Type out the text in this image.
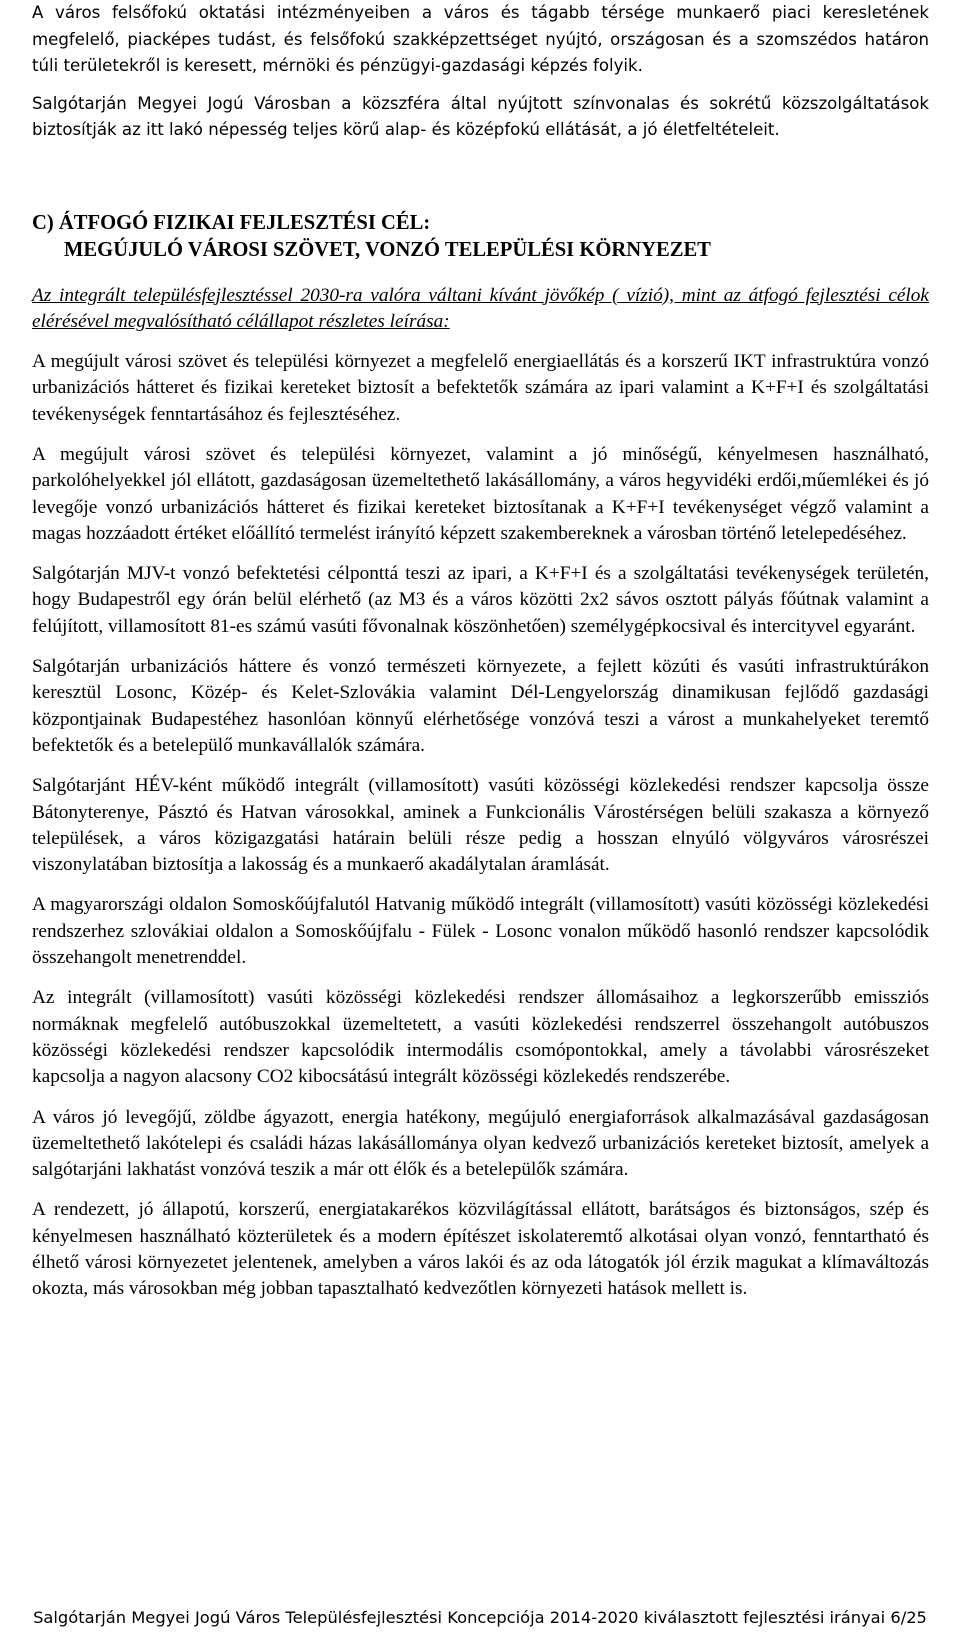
A város felsőfokú oktatási intézményeiben a város és tágabb térsége munkaerő piaci keresletének megfelelő, piacképes tudást, és felsőfokú szakképzettséget nyújtó, országosan és a szomszédos határon túli területekről is keresett, mérnöki és pénzügyi-gazdasági képzés folyik.

Salgótarján Megyei Jogú Városban a közszféra által nyújtott színvonalas és sokrétű közszolgáltatások biztosítják az itt lakó népesség teljes körű alap- és középfokú ellátását, a jó életfeltételeit.

C) ÁTFOGÓ FIZIKAI FEJLESZTÉSI CÉL:
MEGÚJULÓ VÁROSI SZÖVET, VONZÓ TELEPÜLÉSI KÖRNYEZET

Az integrált településfejlesztéssel 2030-ra valóra váltani kívánt jövőkép ( vízió), mint az átfogó fejlesztési célok elérésével megvalósítható célállapot részletes leírása:

A megújult városi szövet és települési környezet a megfelelő energiaellátás és a korszerű IKT infrastruktúra vonzó urbanizációs hátteret és fizikai kereteket biztosít a befektetők számára az ipari valamint a K+F+I és szolgáltatási tevékenységek fenntartásához és fejlesztéséhez.

A megújult városi szövet és települési környezet, valamint a jó minőségű, kényelmesen használható, parkolóhelyekkel jól ellátott, gazdaságosan üzemeltethető lakásállomány, a város hegyvidéki erdői,műemlékei és jó levegője vonzó urbanizációs hátteret és fizikai kereteket biztosítanak a K+F+I tevékenységet végző valamint a magas hozzáadott értéket előállító termelést irányító képzett szakembereknek a városban történő letelepedéséhez.

Salgótarján MJV-t vonzó befektetési célponttá teszi az ipari, a K+F+I és a szolgáltatási tevékenységek területén, hogy Budapestről egy órán belül elérhető (az M3 és a város közötti 2x2 sávos osztott pályás főútnak valamint a felújított, villamosított 81-es számú vasúti fővonalnak köszönhetően) személygépkocsival és intercityvel egyaránt.

Salgótarján urbanizációs háttere és vonzó természeti környezete, a fejlett közúti és vasúti infrastruktúrákon keresztül Losonc, Közép- és Kelet-Szlovákia valamint Dél-Lengyelország dinamikusan fejlődő gazdasági központjainak Budapestéhez hasonlóan könnyű elérhetősége vonzóvá teszi a várost a munkahelyeket teremtő befektetők és a betelepülő munkavállalók számára.

Salgótarjánt HÉV-ként működő integrált (villamosított) vasúti közösségi közlekedési rendszer kapcsolja össze Bátonyterenye, Pásztó és Hatvan városokkal, aminek a Funkcionális Várostérségen belüli szakasza a környező települések, a város közigazgatási határain belüli része pedig a hosszan elnyúló völgyváros városrészei viszonylatában biztosítja a lakosság és a munkaerő akadálytalan áramlását.

A magyarországi oldalon Somoskőújfalutól Hatvanig működő integrált (villamosított) vasúti közösségi közlekedési rendszerhez szlovákiai oldalon a Somoskőújfalu - Fülek - Losonc vonalon működő hasonló rendszer kapcsolódik összehangolt menetrenddel.

Az integrált (villamosított) vasúti közösségi közlekedési rendszer állomásaihoz a legkorszerűbb emissziós normáknak megfelelő autóbuszokkal üzemeltetett, a vasúti közlekedési rendszerrel összehangolt autóbuszos közösségi közlekedési rendszer kapcsolódik intermodális csomópontokkal, amely a távolabbi városrészeket kapcsolja a nagyon alacsony CO2 kibocsátású integrált közösségi közlekedés rendszerébe.

A város jó levegőjű, zöldbe ágyazott, energia hatékony, megújuló energiaforrások alkalmazásával gazdaságosan üzemeltethető lakótelepi és családi házas lakásállománya olyan kedvező urbanizációs kereteket biztosít, amelyek a salgótarjáni lakhatást vonzóvá teszik a már ott élők és a betelepülők számára.

A rendezett, jó állapotú, korszerű, energiatakarékos közvilágítással ellátott, barátságos és biztonságos, szép és kényelmesen használható közterületek és a modern építészet iskolateremtő alkotásai olyan vonzó, fenntartható és élhető városi környezetet jelentenek, amelyben a város lakói és az oda látogatók jól érzik magukat a klímaváltozás okozta, más városokban még jobban tapasztalható kedvezőtlen környezeti hatások mellett is.

Salgótarján Megyei Jogú Város Településfejlesztési Koncepciója 2014-2020 kiválasztott fejlesztési irányai 6/25
